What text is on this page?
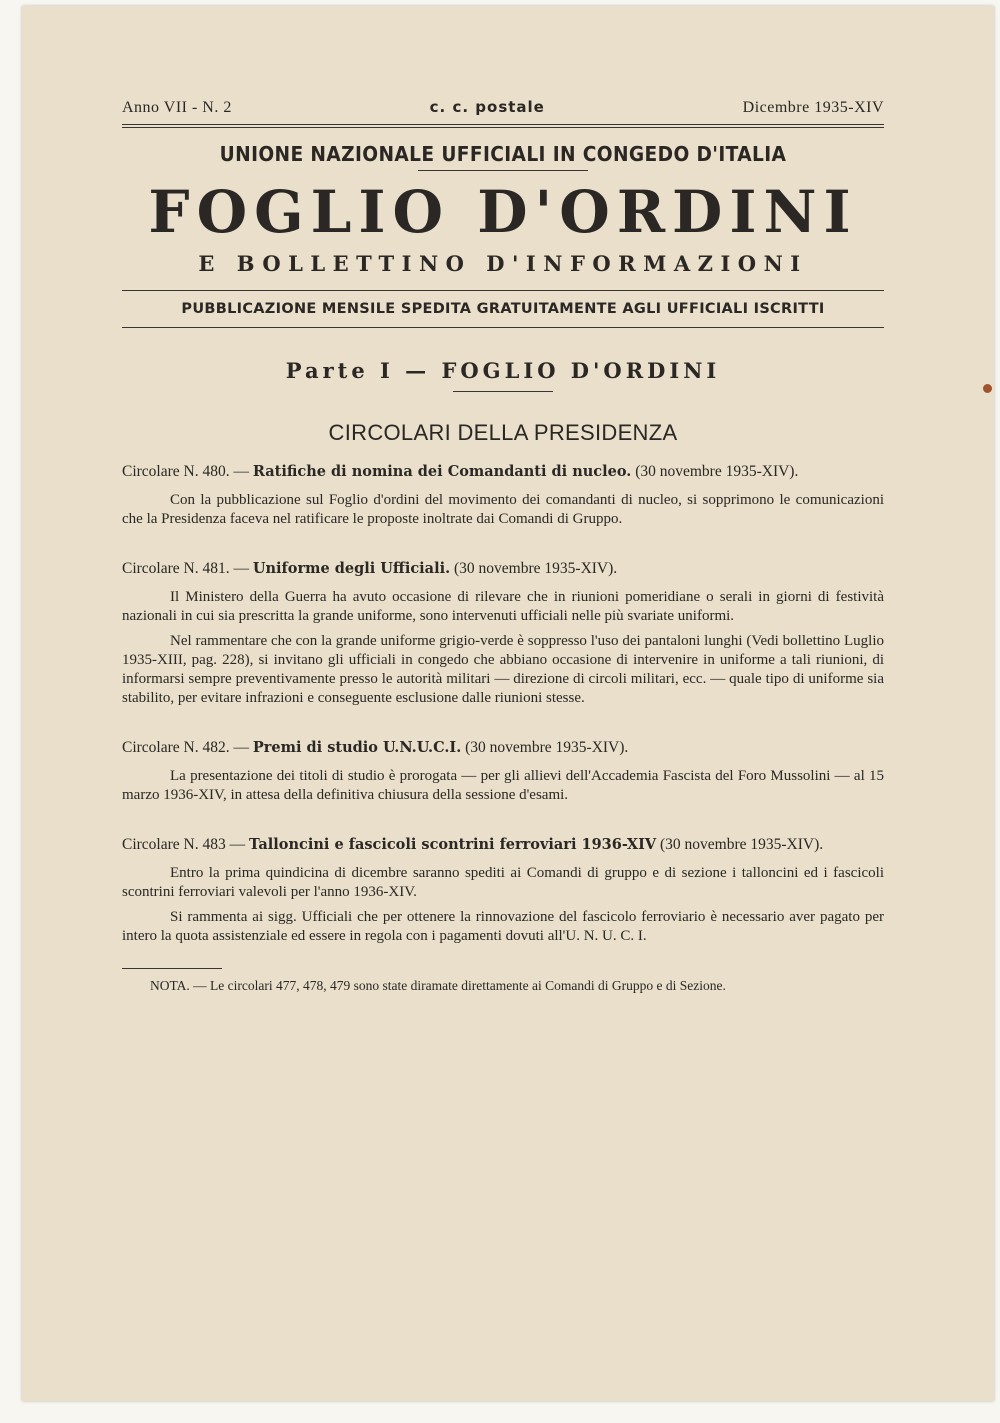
Anno VII - N. 2	c. c. postale	Dicembre 1935-XIV
UNIONE NAZIONALE UFFICIALI IN CONGEDO D'ITALIA
FOGLIO D'ORDINI
E BOLLETTINO D'INFORMAZIONI
PUBBLICAZIONE MENSILE SPEDITA GRATUITAMENTE AGLI UFFICIALI ISCRITTI
Parte I — FOGLIO D'ORDINI
CIRCOLARI DELLA PRESIDENZA
Circolare N. 480. — Ratifiche di nomina dei Comandanti di nucleo. (30 novembre 1935-XIV).

Con la pubblicazione sul Foglio d'ordini del movimento dei comandanti di nucleo, si sopprimono le comunicazioni che la Presidenza faceva nel ratificare le proposte inoltrate dai Comandi di Gruppo.

Circolare N. 481. — Uniforme degli Ufficiali. (30 novembre 1935-XIV).

Il Ministero della Guerra ha avuto occasione di rilevare che in riunioni pomeridiane o serali in giorni di festività nazionali in cui sia prescritta la grande uniforme, sono intervenuti ufficiali nelle più svariate uniformi.

Nel rammentare che con la grande uniforme grigio-verde è soppresso l'uso dei pantaloni lunghi (Vedi bollettino Luglio 1935-XIII, pag. 228), si invitano gli ufficiali in congedo che abbiano occasione di intervenire in uniforme a tali riunioni, di informarsi sempre preventivamente presso le autorità militari — direzione di circoli militari, ecc. — quale tipo di uniforme sia stabilito, per evitare infrazioni e conseguente esclusione dalle riunioni stesse.

Circolare N. 482. — Premi di studio U.N.U.C.I. (30 novembre 1935-XIV).

La presentazione dei titoli di studio è prorogata — per gli allievi dell'Accademia Fascista del Foro Mussolini — al 15 marzo 1936-XIV, in attesa della definitiva chiusura della sessione d'esami.

Circolare N. 483 — Talloncini e fascicoli scontrini ferroviari 1936-XIV (30 novembre 1935-XIV).

Entro la prima quindicina di dicembre saranno spediti ai Comandi di gruppo e di sezione i talloncini ed i fascicoli scontrini ferroviari valevoli per l'anno 1936-XIV.

Si rammenta ai sigg. Ufficiali che per ottenere la rinnovazione del fascicolo ferroviario è necessario aver pagato per intero la quota assistenziale ed essere in regola con i pagamenti dovuti all'U. N. U. C. I.

NOTA. — Le circolari 477, 478, 479 sono state diramate direttamente ai Comandi di Gruppo e di Sezione.
